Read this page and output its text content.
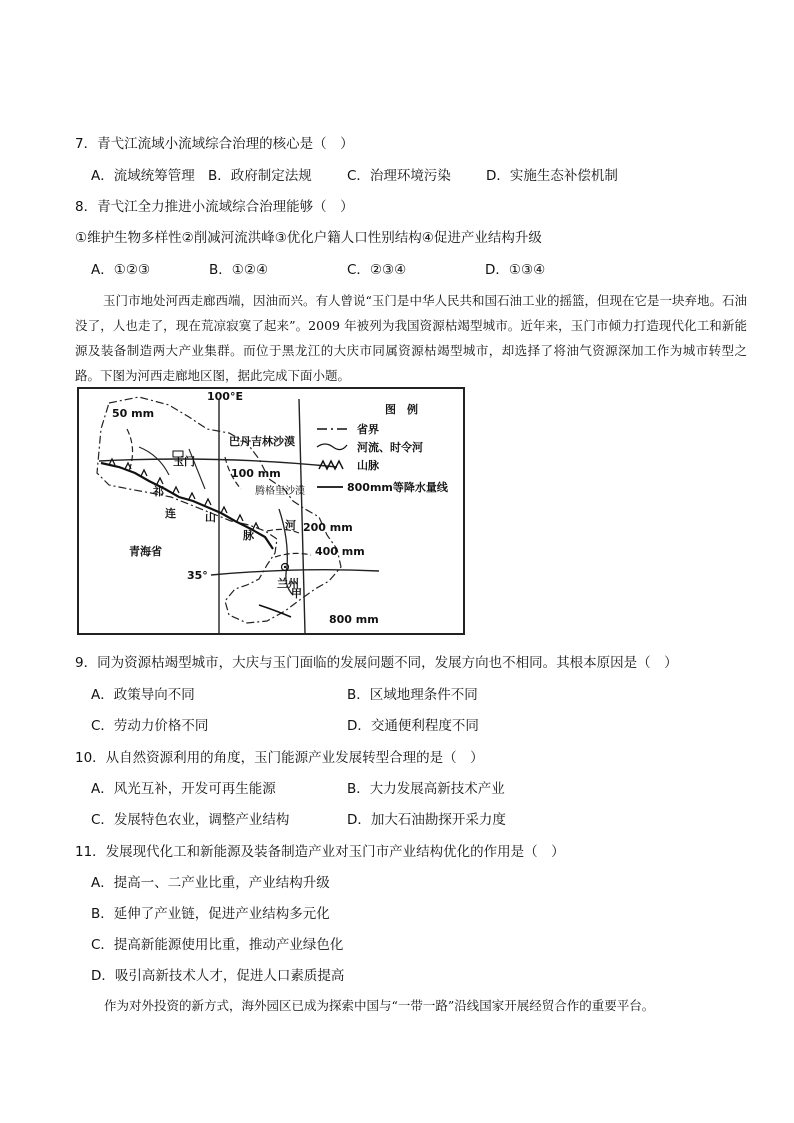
7．青弋江流域小流域综合治理的核心是（　）
A．流域统筹管理 B．政府制定法规	C．治理环境污染	D．实施生态补偿机制
8．青弋江全力推进小流域综合治理能够（　）
①维护生物多样性②削减河流洪峰③优化户籍人口性别结构④促进产业结构升级
A．①②③	B．①②④	C．②③④	D．①③④
玉门市地处河西走廊西端，因油而兴。有人曾说“玉门是中华人民共和国石油工业的摇篮，但现在它是一块弃地。石油没了，人也走了，现在荒凉寂寞了起来”。2009 年被列为我国资源枯竭型城市。近年来，玉门市倾力打造现代化工和新能源及装备制造两大产业集群。而位于黑龙江的大庆市同属资源枯竭型城市，却选择了将油气资源深加工作为城市转型之路。下图为河西走廊地区图，据此完成下面小题。
100°E
50 mm
巴丹吉林沙漠
玉门
100 mm
腾格里沙漠
祁
连	山
脉
河 200 mm
400 mm
青海省
35°
兰州
甲
800 mm
图　例
省界
河流、时令河
山脉
800mm等降水量线
9．同为资源枯竭型城市，大庆与玉门面临的发展问题不同，发展方向也不相同。其根本原因是（　）
A．政策导向不同	B．区域地理条件不同
C．劳动力价格不同	D．交通便利程度不同
10．从自然资源利用的角度，玉门能源产业发展转型合理的是（　）
A．风光互补，开发可再生能源	B．大力发展高新技术产业
C．发展特色农业，调整产业结构	D．加大石油勘探开采力度
11．发展现代化工和新能源及装备制造产业对玉门市产业结构优化的作用是（　）
A．提高一、二产业比重，产业结构升级
B．延伸了产业链，促进产业结构多元化
C．提高新能源使用比重，推动产业绿色化
D．吸引高新技术人才，促进人口素质提高
作为对外投资的新方式，海外园区已成为探索中国与“一带一路”沿线国家开展经贸合作的重要平台。
